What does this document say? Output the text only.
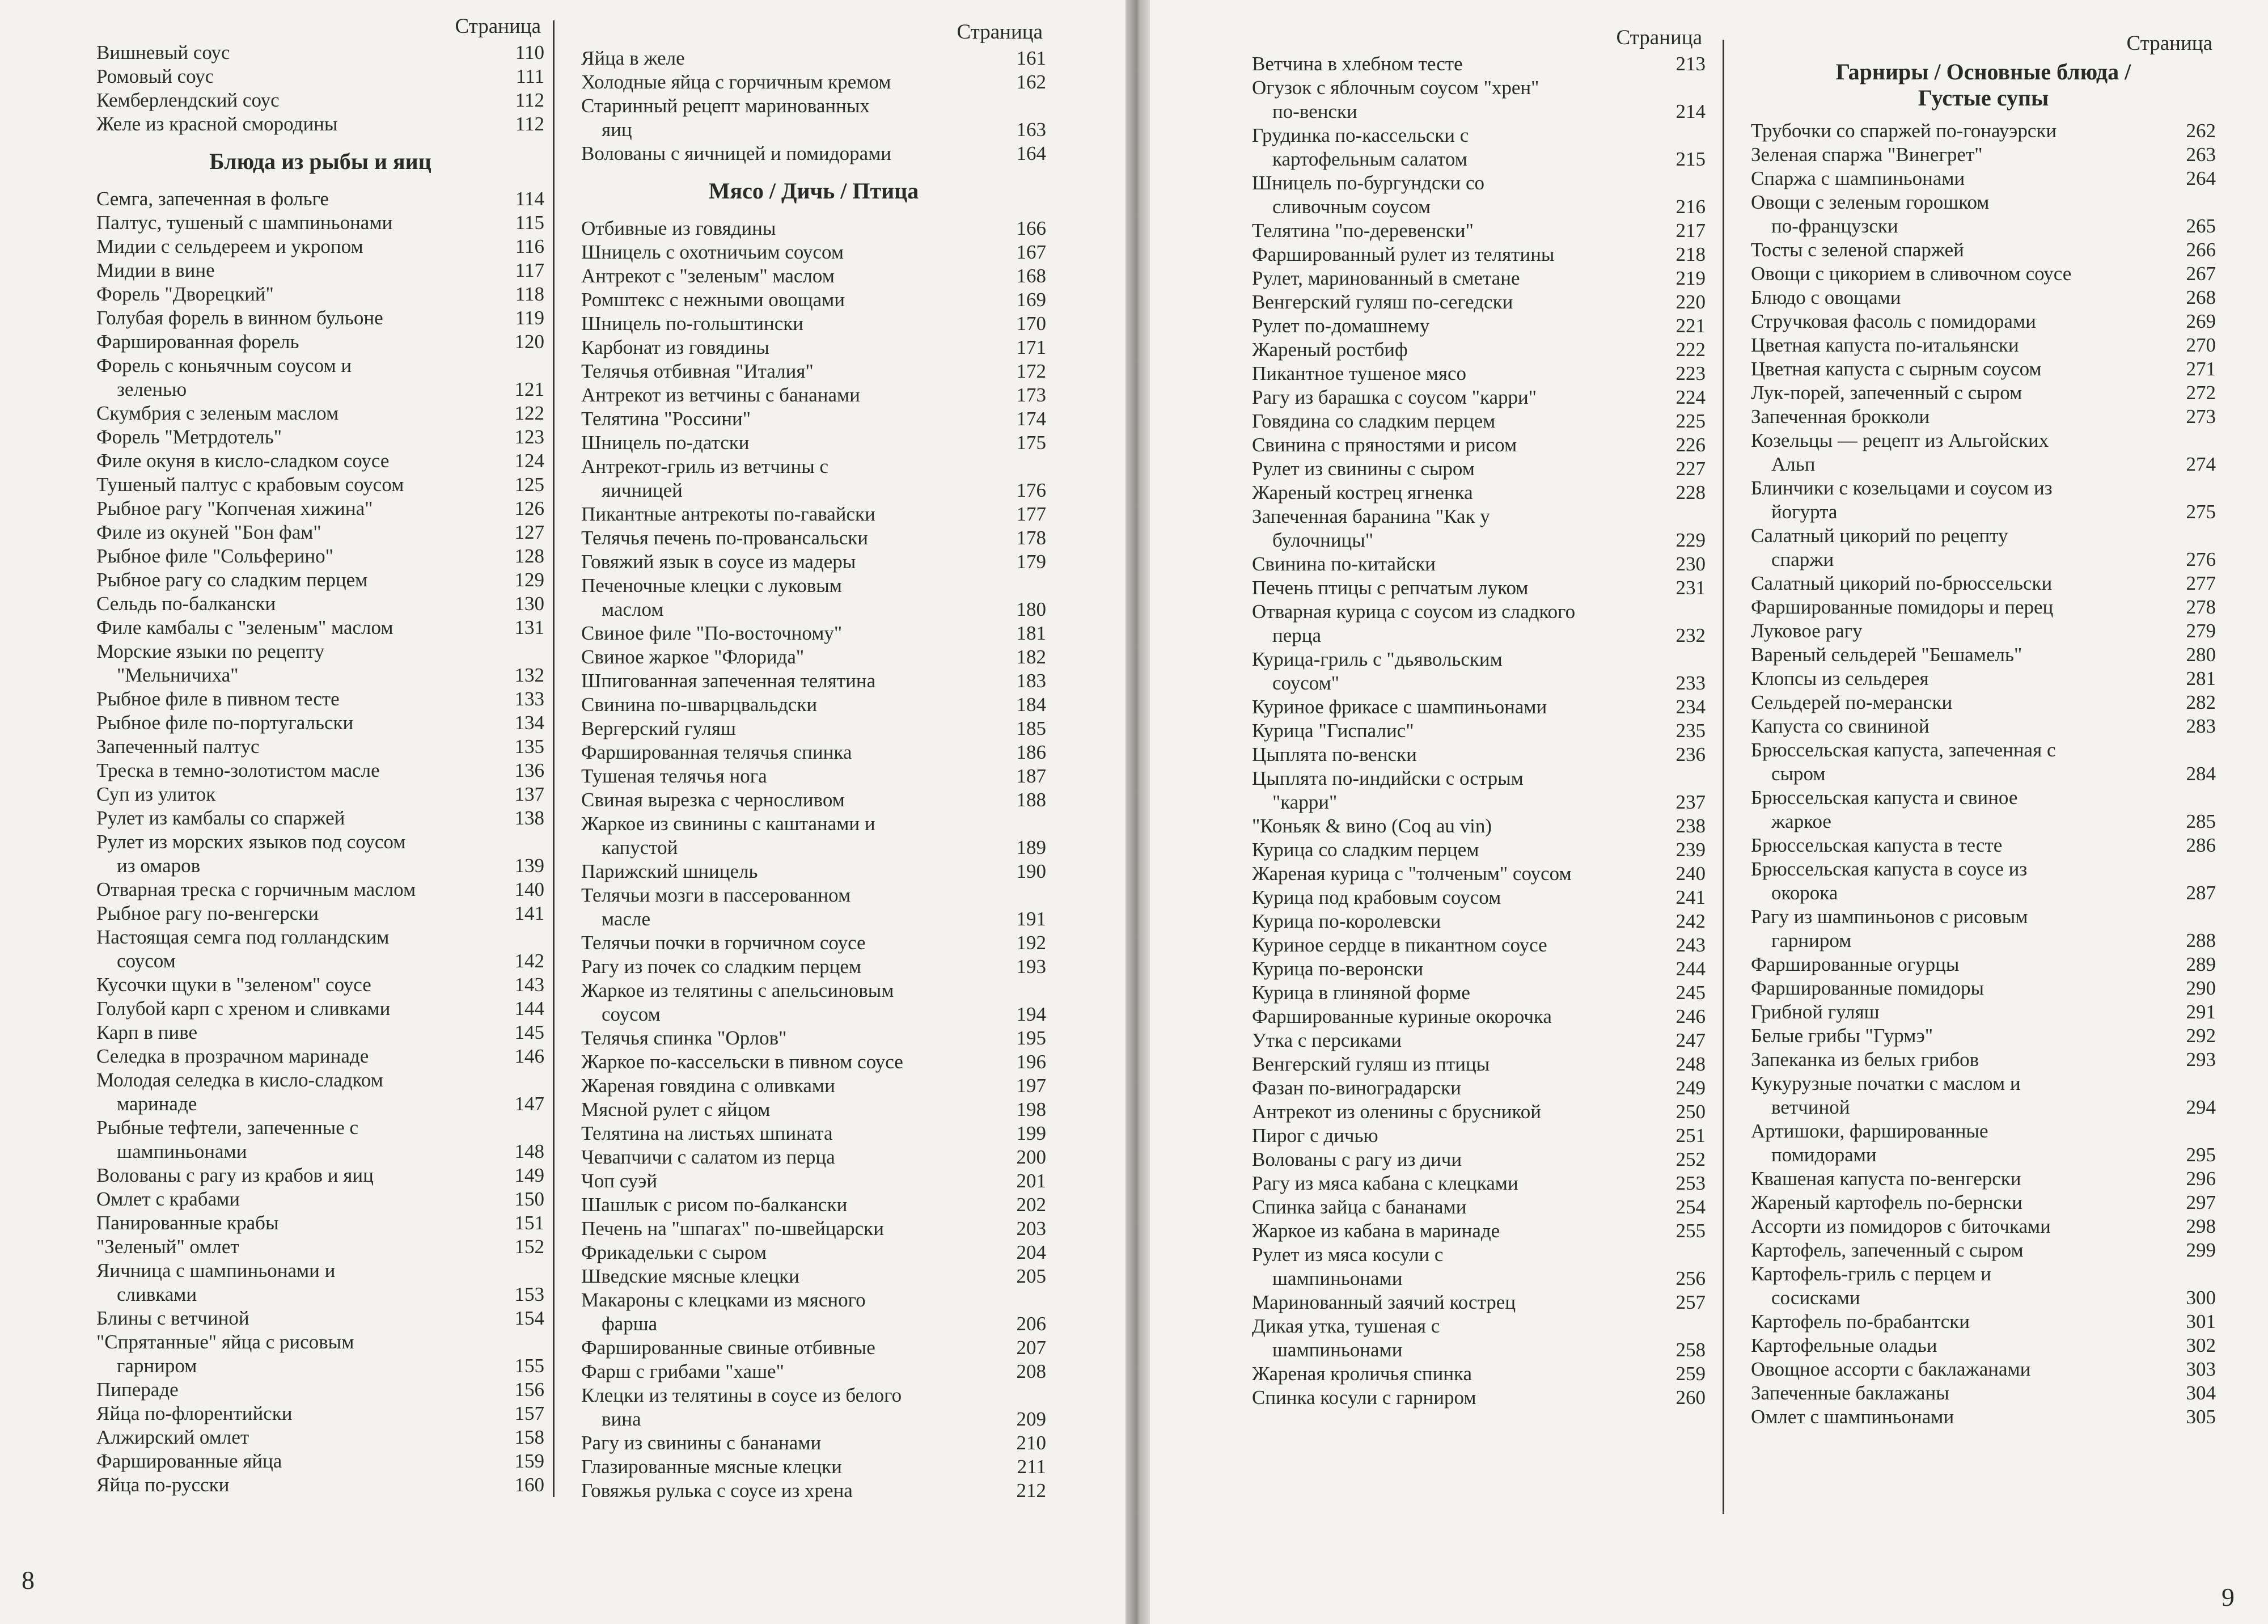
Страница
Вишневый соус	110
Ромовый соус	111
Кемберлендский соус	112
Желе из красной смородины	112
Блюда из рыбы и яиц
Семга, запеченная в фольге	114
Палтус, тушеный с шампиньонами	115
Мидии с сельдереем и укропом	116
Мидии в вине	117
Форель "Дворецкий"	118
Голубая форель в винном бульоне	119
Фаршированная форель	120
Форель с коньячным соусом и
зеленью	121
Скумбрия с зеленым маслом	122
Форель "Метрдотель"	123
Филе окуня в кисло-сладком соусе	124
Тушеный палтус с крабовым соусом	125
Рыбное рагу "Копченая хижина"	126
Филе из окуней "Бон фам"	127
Рыбное филе "Сольферино"	128
Рыбное рагу со сладким перцем	129
Сельдь по-балкански	130
Филе камбалы с "зеленым" маслом	131
Морские языки по рецепту
"Мельничиха"	132
Рыбное филе в пивном тесте	133
Рыбное филе по-португальски	134
Запеченный палтус	135
Треска в темно-золотистом масле	136
Суп из улиток	137
Рулет из камбалы со спаржей	138
Рулет из морских языков под соусом
из омаров	139
Отварная треска с горчичным маслом	140
Рыбное рагу по-венгерски	141
Настоящая семга под голландским
соусом	142
Кусочки щуки в "зеленом" соусе	143
Голубой карп с хреном и сливками	144
Карп в пиве	145
Селедка в прозрачном маринаде	146
Молодая селедка в кисло-сладком
маринаде	147
Рыбные тефтели, запеченные с
шампиньонами	148
Волованы с рагу из крабов и яиц	149
Омлет с крабами	150
Панированные крабы	151
"Зеленый" омлет	152
Яичница с шампиньонами и
сливками	153
Блины с ветчиной	154
"Спрятанные" яйца с рисовым
гарниром	155
Пиперaде	156
Яйца по-флорентийски	157
Алжирский омлет	158
Фаршированные яйца	159
Яйца по-русски	160
Страница
Яйца в желе	161
Холодные яйца с горчичным кремом	162
Старинный рецепт маринованных
яиц	163
Волованы с яичницей и помидорами	164
Мясо / Дичь / Птица
Отбивные из говядины	166
Шницель с охотничьим соусом	167
Антрекот с "зеленым" маслом	168
Ромштекс с нежными овощами	169
Шницель по-гольштински	170
Карбонат из говядины	171
Телячья отбивная "Италия"	172
Антрекот из ветчины с бананами	173
Телятина "Россини"	174
Шницель по-датски	175
Антрекот-гриль из ветчины с
яичницей	176
Пикантные антрекоты по-гавайски	177
Телячья печень по-провансальски	178
Говяжий язык в соусе из мадеры	179
Печеночные клецки с луковым
маслом	180
Свиное филе "По-восточному"	181
Свиное жаркое "Флорида"	182
Шпигованная запеченная телятина	183
Свинина по-шварцвальдски	184
Вергерский гуляш	185
Фаршированная телячья спинка	186
Тушеная телячья нога	187
Свиная вырезка с черносливом	188
Жаркое из свинины с каштанами и
капустой	189
Парижский шницель	190
Телячьи мозги в пассерованном
масле	191
Телячьи почки в горчичном соусе	192
Рагу из почек со сладким перцем	193
Жаркое из телятины с апельсиновым
соусом	194
Телячья спинка "Орлов"	195
Жаркое по-кассельски в пивном соусе	196
Жареная говядина с оливками	197
Мясной рулет с яйцом	198
Телятина на листьях шпината	199
Чевапчичи с салатом из перца	200
Чоп суэй	201
Шашлык с рисом по-балкански	202
Печень на "шпагах" по-швейцарски	203
Фрикадельки с сыром	204
Шведские мясные клецки	205
Макароны с клецками из мясного
фарша	206
Фаршированные свиные отбивные	207
Фарш с грибами "хаше"	208
Клецки из телятины в соусе из белого
вина	209
Рагу из свинины с бананами	210
Глазированные мясные клецки	211
Говяжья рулька с соусе из хрена	212
8
Страница
Ветчина в хлебном тесте	213
Огузок с яблочным соусом "хрен"
по-венски	214
Грудинка по-кассельски с
картофельным салатом	215
Шницель по-бургундски со
сливочным соусом	216
Телятина "по-деревенски"	217
Фаршированный рулет из телятины	218
Рулет, маринованный в сметане	219
Венгерский гуляш по-сегедски	220
Рулет по-домашнему	221
Жареный ростбиф	222
Пикантное тушеное мясо	223
Рагу из барашка с соусом "карри"	224
Говядина со сладким перцем	225
Свинина с пряностями и рисом	226
Рулет из свинины с сыром	227
Жареный кострец ягненка	228
Запеченная баранина "Как у
булочницы"	229
Свинина по-китайски	230
Печень птицы с репчатым луком	231
Отварная курица с соусом из сладкого
перца	232
Курица-гриль с "дьявольским
соусом"	233
Куриное фрикасе с шампиньонами	234
Курица "Гиспалис"	235
Цыплята по-венски	236
Цыплята по-индийски с острым
"карри"	237
"Коньяк & вино (Coq au vin)	238
Курица со сладким перцем	239
Жареная курица с "толченым" соусом	240
Курица под крабовым соусом	241
Курица по-королевски	242
Куриное сердце в пикантном соусе	243
Курица по-веронски	244
Курица в глиняной форме	245
Фаршированные куриные окорочка	246
Утка с персиками	247
Венгерский гуляш из птицы	248
Фазан по-виноградарски	249
Антрекот из оленины с брусникой	250
Пирог с дичью	251
Волованы с рагу из дичи	252
Рагу из мяса кабана с клецками	253
Спинка зайца с бананами	254
Жаркое из кабана в маринаде	255
Рулет из мяса косули с
шампиньонами	256
Маринованный заячий кострец	257
Дикая утка, тушеная с
шампиньонами	258
Жареная кроличья спинка	259
Спинка косули с гарниром	260
Страница
Гарниры / Основные блюда /
Густые супы
Трубочки со спаржей по-гонауэрски	262
Зеленая спаржа "Винегрет"	263
Спаржа с шампиньонами	264
Овощи с зеленым горошком
по-французски	265
Тосты с зеленой спаржей	266
Овощи с цикорием в сливочном соусе	267
Блюдо с овощами	268
Стручковая фасоль с помидорами	269
Цветная капуста по-итальянски	270
Цветная капуста с сырным соусом	271
Лук-порей, запеченный с сыром	272
Запеченная брокколи	273
Козельцы — рецепт из Альгойских
Альп	274
Блинчики с козельцами и соусом из
йогурта	275
Салатный цикорий по рецепту
спаржи	276
Салатный цикорий по-брюссельски	277
Фаршированные помидоры и перец	278
Луковое рагу	279
Вареный сельдерей "Бешамель"	280
Клопсы из сельдерея	281
Сельдерей по-мерански	282
Капуста со свининой	283
Брюссельская капуста, запеченная с
сыром	284
Брюссельская капуста и свиное
жаркое	285
Брюссельская капуста в тесте	286
Брюссельская капуста в соусе из
окорока	287
Рагу из шампиньонов с рисовым
гарниром	288
Фаршированные огурцы	289
Фаршированные помидоры	290
Грибной гуляш	291
Белые грибы "Гурмэ"	292
Запеканка из белых грибов	293
Кукурузные початки с маслом и
ветчиной	294
Артишоки, фаршированные
помидорами	295
Квашеная капуста по-венгерски	296
Жареный картофель по-бернски	297
Ассорти из помидоров с биточками	298
Картофель, запеченный с сыром	299
Картофель-гриль с перцем и
сосисками	300
Картофель по-брабантски	301
Картофельные оладьи	302
Овощное ассорти с баклажанами	303
Запеченные баклажаны	304
Омлет с шампиньонами	305
9
